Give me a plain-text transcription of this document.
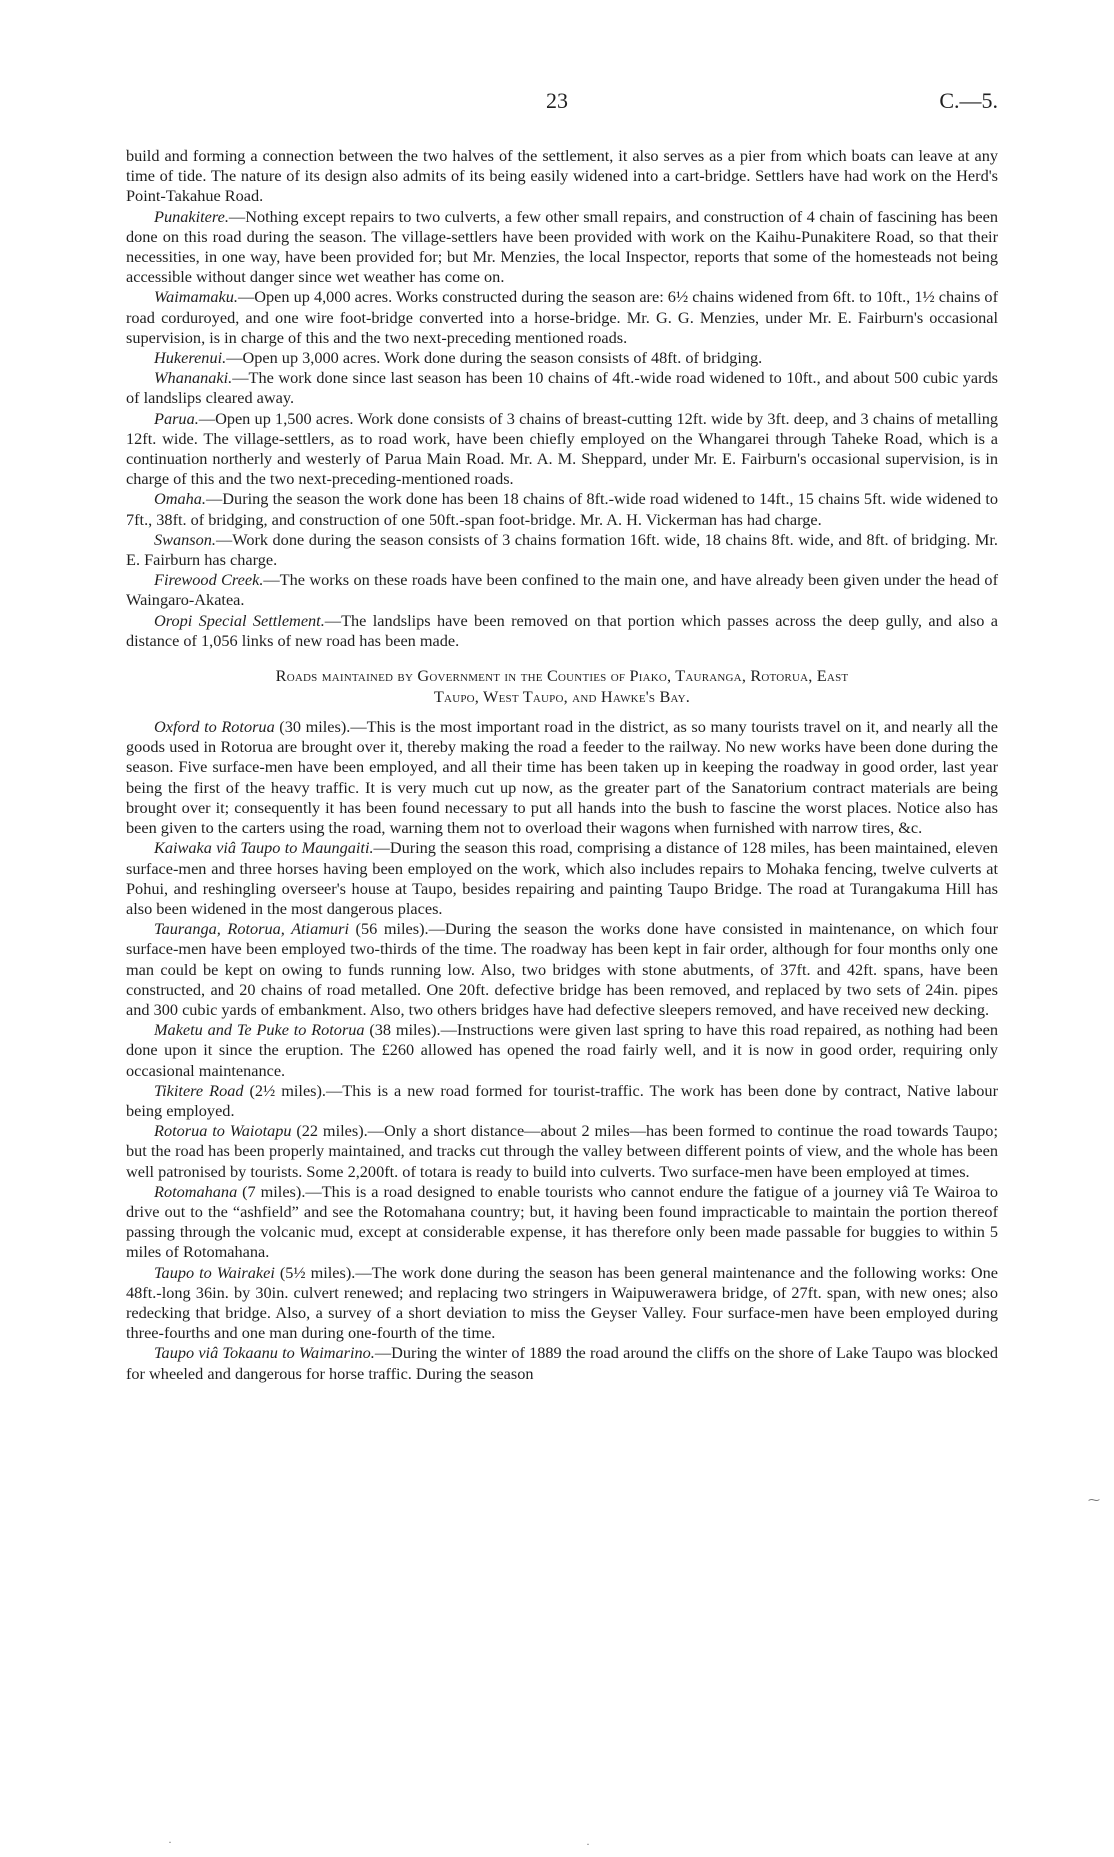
23	C.—5.

build and forming a connection between the two halves of the settlement, it also serves as a pier from which boats can leave at any time of tide. The nature of its design also admits of its being easily widened into a cart-bridge. Settlers have had work on the Herd's Point-Takahue Road.

Punakitere.—Nothing except repairs to two culverts, a few other small repairs, and construction of 4 chain of fascining has been done on this road during the season. The village-settlers have been provided with work on the Kaihu-Punakitere Road, so that their necessities, in one way, have been provided for; but Mr. Menzies, the local Inspector, reports that some of the homesteads not being accessible without danger since wet weather has come on.

Waimamaku.—Open up 4,000 acres. Works constructed during the season are: 6½ chains widened from 6ft. to 10ft., 1½ chains of road corduroyed, and one wire foot-bridge converted into a horse-bridge. Mr. G. G. Menzies, under Mr. E. Fairburn's occasional supervision, is in charge of this and the two next-preceding mentioned roads.

Hukerenui.—Open up 3,000 acres. Work done during the season consists of 48ft. of bridging.

Whananaki.—The work done since last season has been 10 chains of 4ft.-wide road widened to 10ft., and about 500 cubic yards of landslips cleared away.

Parua.—Open up 1,500 acres. Work done consists of 3 chains of breast-cutting 12ft. wide by 3ft. deep, and 3 chains of metalling 12ft. wide. The village-settlers, as to road work, have been chiefly employed on the Whangarei through Taheke Road, which is a continuation northerly and westerly of Parua Main Road. Mr. A. M. Sheppard, under Mr. E. Fairburn's occasional supervision, is in charge of this and the two next-preceding-mentioned roads.

Omaha.—During the season the work done has been 18 chains of 8ft.-wide road widened to 14ft., 15 chains 5ft. wide widened to 7ft., 38ft. of bridging, and construction of one 50ft.-span foot-bridge. Mr. A. H. Vickerman has had charge.

Swanson.—Work done during the season consists of 3 chains formation 16ft. wide, 18 chains 8ft. wide, and 8ft. of bridging. Mr. E. Fairburn has charge.

Firewood Creek.—The works on these roads have been confined to the main one, and have already been given under the head of Waingaro-Akatea.

Oropi Special Settlement.—The landslips have been removed on that portion which passes across the deep gully, and also a distance of 1,056 links of new road has been made.

Roads maintained by Government in the Counties of Piako, Tauranga, Rotorua, East
Taupo, West Taupo, and Hawke's Bay.

Oxford to Rotorua (30 miles).—This is the most important road in the district, as so many tourists travel on it, and nearly all the goods used in Rotorua are brought over it, thereby making the road a feeder to the railway. No new works have been done during the season. Five surface-men have been employed, and all their time has been taken up in keeping the roadway in good order, last year being the first of the heavy traffic. It is very much cut up now, as the greater part of the Sanatorium contract materials are being brought over it; consequently it has been found necessary to put all hands into the bush to fascine the worst places. Notice also has been given to the carters using the road, warning them not to overload their wagons when furnished with narrow tires, &c.

Kaiwaka viâ Taupo to Maungaiti.—During the season this road, comprising a distance of 128 miles, has been maintained, eleven surface-men and three horses having been employed on the work, which also includes repairs to Mohaka fencing, twelve culverts at Pohui, and reshingling overseer's house at Taupo, besides repairing and painting Taupo Bridge. The road at Turangakuma Hill has also been widened in the most dangerous places.

Tauranga, Rotorua, Atiamuri (56 miles).—During the season the works done have consisted in maintenance, on which four surface-men have been employed two-thirds of the time. The roadway has been kept in fair order, although for four months only one man could be kept on owing to funds running low. Also, two bridges with stone abutments, of 37ft. and 42ft. spans, have been constructed, and 20 chains of road metalled. One 20ft. defective bridge has been removed, and replaced by two sets of 24in. pipes and 300 cubic yards of embankment. Also, two others bridges have had defective sleepers removed, and have received new decking.

Maketu and Te Puke to Rotorua (38 miles).—Instructions were given last spring to have this road repaired, as nothing had been done upon it since the eruption. The £260 allowed has opened the road fairly well, and it is now in good order, requiring only occasional maintenance.

Tikitere Road (2½ miles).—This is a new road formed for tourist-traffic. The work has been done by contract, Native labour being employed.

Rotorua to Waiotapu (22 miles).—Only a short distance—about 2 miles—has been formed to continue the road towards Taupo; but the road has been properly maintained, and tracks cut through the valley between different points of view, and the whole has been well patronised by tourists. Some 2,200ft. of totara is ready to build into culverts. Two surface-men have been employed at times.

Rotomahana (7 miles).—This is a road designed to enable tourists who cannot endure the fatigue of a journey viâ Te Wairoa to drive out to the “ashfield” and see the Rotomahana country; but, it having been found impracticable to maintain the portion thereof passing through the volcanic mud, except at considerable expense, it has therefore only been made passable for buggies to within 5 miles of Rotomahana.

Taupo to Wairakei (5½ miles).—The work done during the season has been general maintenance and the following works: One 48ft.-long 36in. by 30in. culvert renewed; and replacing two stringers in Waipuwerawera bridge, of 27ft. span, with new ones; also redecking that bridge. Also, a survey of a short deviation to miss the Geyser Valley. Four surface-men have been employed during three-fourths and one man during one-fourth of the time.

Taupo viâ Tokaanu to Waimarino.—During the winter of 1889 the road around the cliffs on the shore of Lake Taupo was blocked for wheeled and dangerous for horse traffic. During the season

⁓
·	·
